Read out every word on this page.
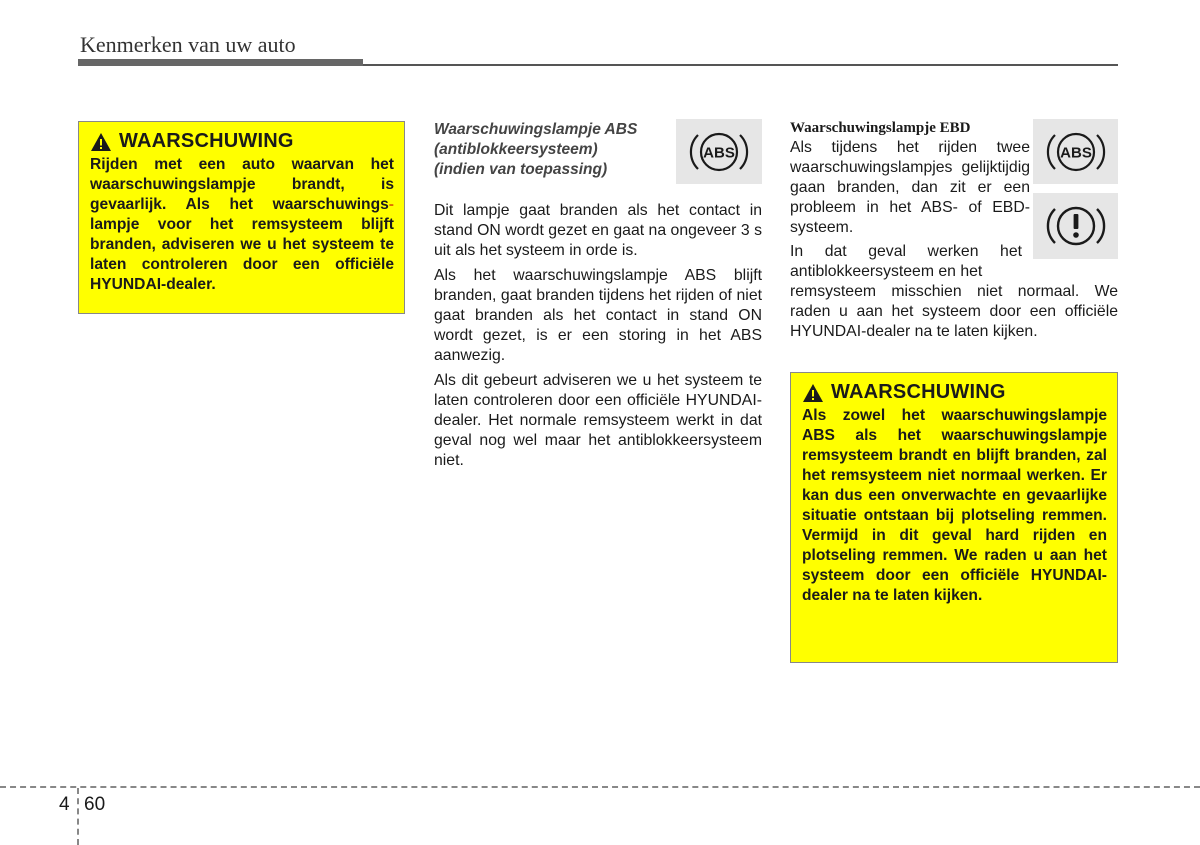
Kenmerken van uw auto
WAARSCHUWING
Rijden met een auto waarvan het waarschuwingslampje brandt, is gevaarlijk. Als het waarschuwings- lampje voor het remsysteem blijft branden, adviseren we u het systeem te laten controleren door een officiële HYUNDAI-dealer.
Waarschuwingslampje ABS
(antiblokkeersysteem)
(indien van toepassing)

Dit lampje gaat branden als het contact in stand ON wordt gezet en gaat na ongeveer 3 s uit als het systeem in orde is.

Als het waarschuwingslampje ABS blijft branden, gaat branden tijdens het rijden of niet gaat branden als het contact in stand ON wordt gezet, is er een storing in het ABS aanwezig.

Als dit gebeurt adviseren we u het systeem te laten controleren door een officiële HYUNDAI-dealer. Het normale remsysteem werkt in dat geval nog wel maar het antiblokkeersysteem niet.

ABS
Waarschuwingslampje EBD

Als tijdens het rijden twee waarschuwingslampjes gelijktijdig gaan branden, dan zit er een probleem in het ABS- of EBD-systeem.

In dat geval werken het antiblokkeersysteem en het

remsysteem misschien niet normaal. We raden u aan het systeem door een officiële HYUNDAI-dealer na te laten kijken.

ABS
WAARSCHUWING
Als zowel het waarschuwingslampje ABS als het waarschuwingslampje remsysteem brandt en blijft branden, zal het remsysteem niet normaal werken. Er kan dus een onverwachte en gevaarlijke situatie ontstaan bij plotseling remmen. Vermijd in dit geval hard rijden en plotseling remmen. We raden u aan het systeem door een officiële HYUNDAI-dealer na te laten kijken.
4 60
